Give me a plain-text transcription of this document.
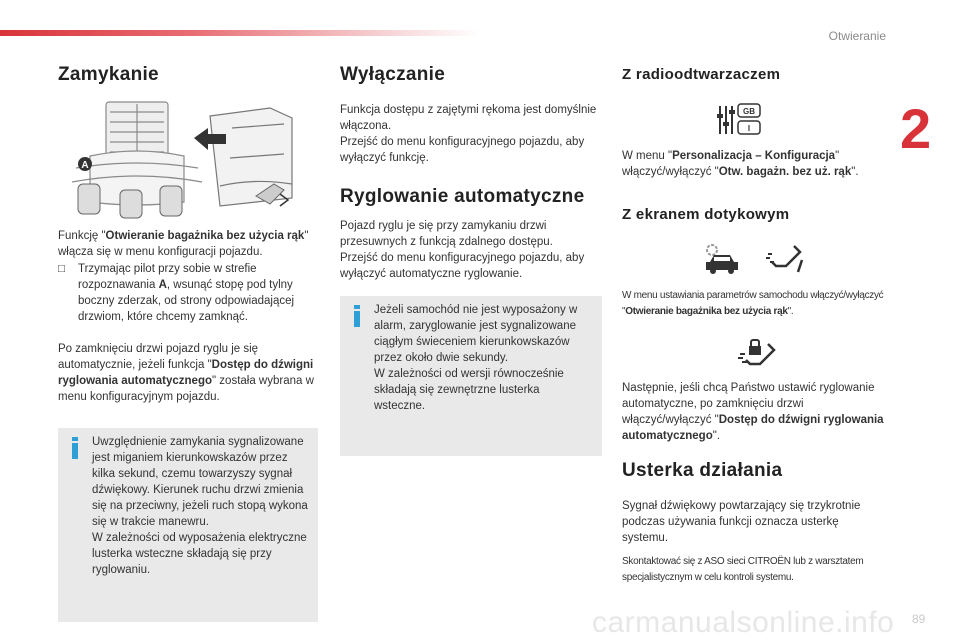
Otwieranie
2
carmanualsonline.info 89
Zamykanie
A

Funkcję "Otwieranie bagażnika bez użycia rąk" włącza się w menu konfiguracji pojazdu.

□ Trzymając pilot przy sobie w strefie rozpoznawania A, wsunąć stopę pod tylny boczny zderzak, od strony odpowiadającej drzwiom, które chcemy zamknąć.

Po zamknięciu drzwi pojazd ryglu je się automatycznie, jeżeli funkcja "Dostęp do dźwigni ryglowania automatycznego" została wybrana w menu konfiguracyjnym pojazdu.

Uwzględnienie zamykania sygnalizowane jest miganiem kierunkowskazów przez kilka sekund, czemu towarzyszy sygnał dźwiękowy. Kierunek ruchu drzwi zmienia się na przeciwny, jeżeli ruch stopą wykona się w trakcie manewru.

W zależności od wyposażenia elektryczne lusterka wsteczne składają się przy ryglowaniu.

Wyłączanie

Funkcja dostępu z zajętymi rękoma jest domyślnie włączona.

Przejść do menu konfiguracyjnego pojazdu, aby wyłączyć funkcję.

Ryglowanie automatyczne

Pojazd ryglu je się przy zamykaniu drzwi przesuwnych z funkcją zdalnego dostępu.

Przejść do menu konfiguracyjnego pojazdu, aby wyłączyć automatyczne ryglowanie.

Jeżeli samochód nie jest wyposażony w alarm, zaryglowanie jest sygnalizowane ciągłym świeceniem kierunkowskazów przez około dwie sekundy.

W zależności od wersji równocześnie składają się zewnętrzne lusterka wsteczne.

Z radioodtwarzaczem
GB
I

W menu "Personalizacja – Konfiguracja" włączyć/wyłączyć "Otw. bagażn. bez uż. rąk".

Z ekranem dotykowym

W menu ustawiania parametrów samochodu włączyć/wyłączyć "Otwieranie bagażnika bez użycia rąk".

Następnie, jeśli chcą Państwo ustawić ryglowanie automatyczne, po zamknięciu drzwi włączyć/wyłączyć "Dostęp do dźwigni ryglowania automatycznego".

Usterka działania

Sygnał dźwiękowy powtarzający się trzykrotnie podczas używania funkcji oznacza usterkę systemu.

Skontaktować się z ASO sieci CITROËN lub z warsztatem specjalistycznym w celu kontroli systemu.
